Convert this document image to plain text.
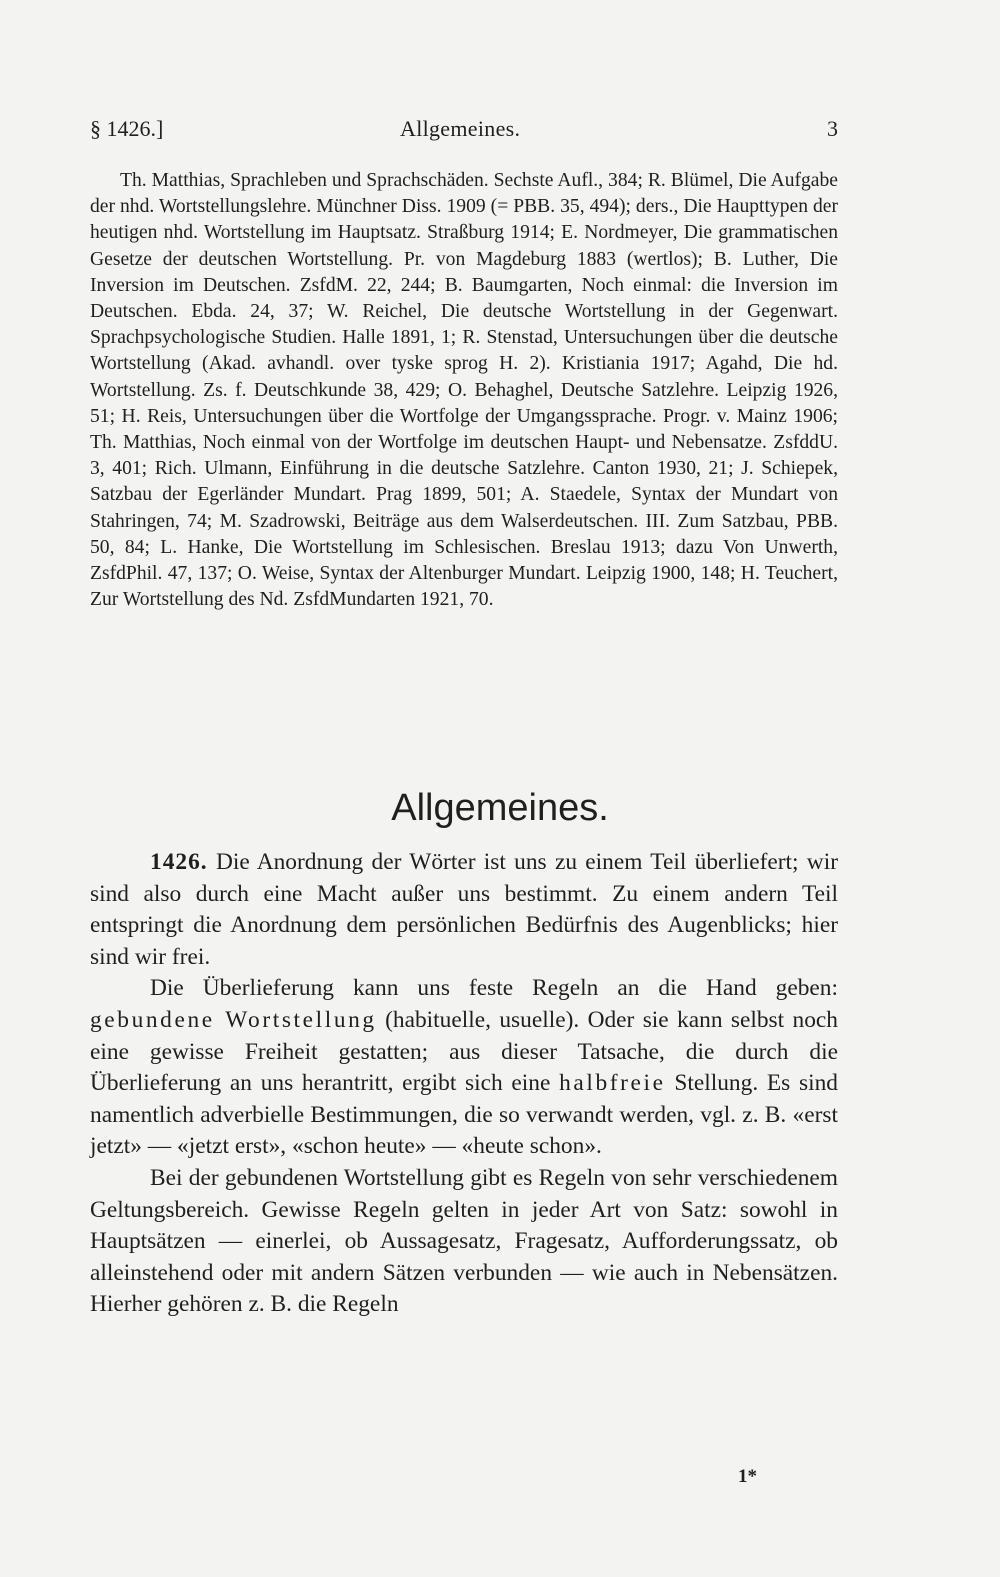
§ 1426.]	Allgemeines.	3

Th. Matthias, Sprachleben und Sprachschäden. Sechste Aufl., 384; R. Blümel, Die Aufgabe der nhd. Wortstellungslehre. Münchner Diss. 1909 (= PBB. 35, 494); ders., Die Haupttypen der heutigen nhd. Wortstellung im Hauptsatz. Straßburg 1914; E. Nordmeyer, Die grammatischen Gesetze der deutschen Wortstellung. Pr. von Magdeburg 1883 (wertlos); B. Luther, Die Inversion im Deutschen. ZsfdM. 22, 244; B. Baumgarten, Noch einmal: die Inversion im Deutschen. Ebda. 24, 37; W. Reichel, Die deutsche Wortstellung in der Gegenwart. Sprachpsychologische Studien. Halle 1891, 1; R. Stenstad, Untersuchungen über die deutsche Wortstellung (Akad. avhandl. over tyske sprog H. 2). Kristiania 1917; Agahd, Die hd. Wortstellung. Zs. f. Deutschkunde 38, 429; O. Behaghel, Deutsche Satzlehre. Leipzig 1926, 51; H. Reis, Untersuchungen über die Wortfolge der Umgangssprache. Progr. v. Mainz 1906; Th. Matthias, Noch einmal von der Wortfolge im deutschen Haupt- und Nebensatze. ZsfddU. 3, 401; Rich. Ulmann, Einführung in die deutsche Satzlehre. Canton 1930, 21; J. Schiepek, Satzbau der Egerländer Mundart. Prag 1899, 501; A. Staedele, Syntax der Mundart von Stahringen, 74; M. Szadrowski, Beiträge aus dem Walserdeutschen. III. Zum Satzbau, PBB. 50, 84; L. Hanke, Die Wortstellung im Schlesischen. Breslau 1913; dazu Von Unwerth, ZsfdPhil. 47, 137; O. Weise, Syntax der Altenburger Mundart. Leipzig 1900, 148; H. Teuchert, Zur Wortstellung des Nd. ZsfdMundarten 1921, 70.

Allgemeines.

1426. Die Anordnung der Wörter ist uns zu einem Teil überliefert; wir sind also durch eine Macht außer uns bestimmt. Zu einem andern Teil entspringt die Anordnung dem persönlichen Bedürfnis des Augenblicks; hier sind wir frei.

Die Überlieferung kann uns feste Regeln an die Hand geben: gebundene Wortstellung (habituelle, usuelle). Oder sie kann selbst noch eine gewisse Freiheit gestatten; aus dieser Tatsache, die durch die Überlieferung an uns herantritt, ergibt sich eine halbfreie Stellung. Es sind namentlich adverbielle Bestimmungen, die so verwandt werden, vgl. z. B. «erst jetzt» — «jetzt erst», «schon heute» — «heute schon».

Bei der gebundenen Wortstellung gibt es Regeln von sehr verschiedenem Geltungsbereich. Gewisse Regeln gelten in jeder Art von Satz: sowohl in Hauptsätzen — einerlei, ob Aussagesatz, Fragesatz, Aufforderungssatz, ob alleinstehend oder mit andern Sätzen verbunden — wie auch in Nebensätzen. Hierher gehören z. B. die Regeln

1*
